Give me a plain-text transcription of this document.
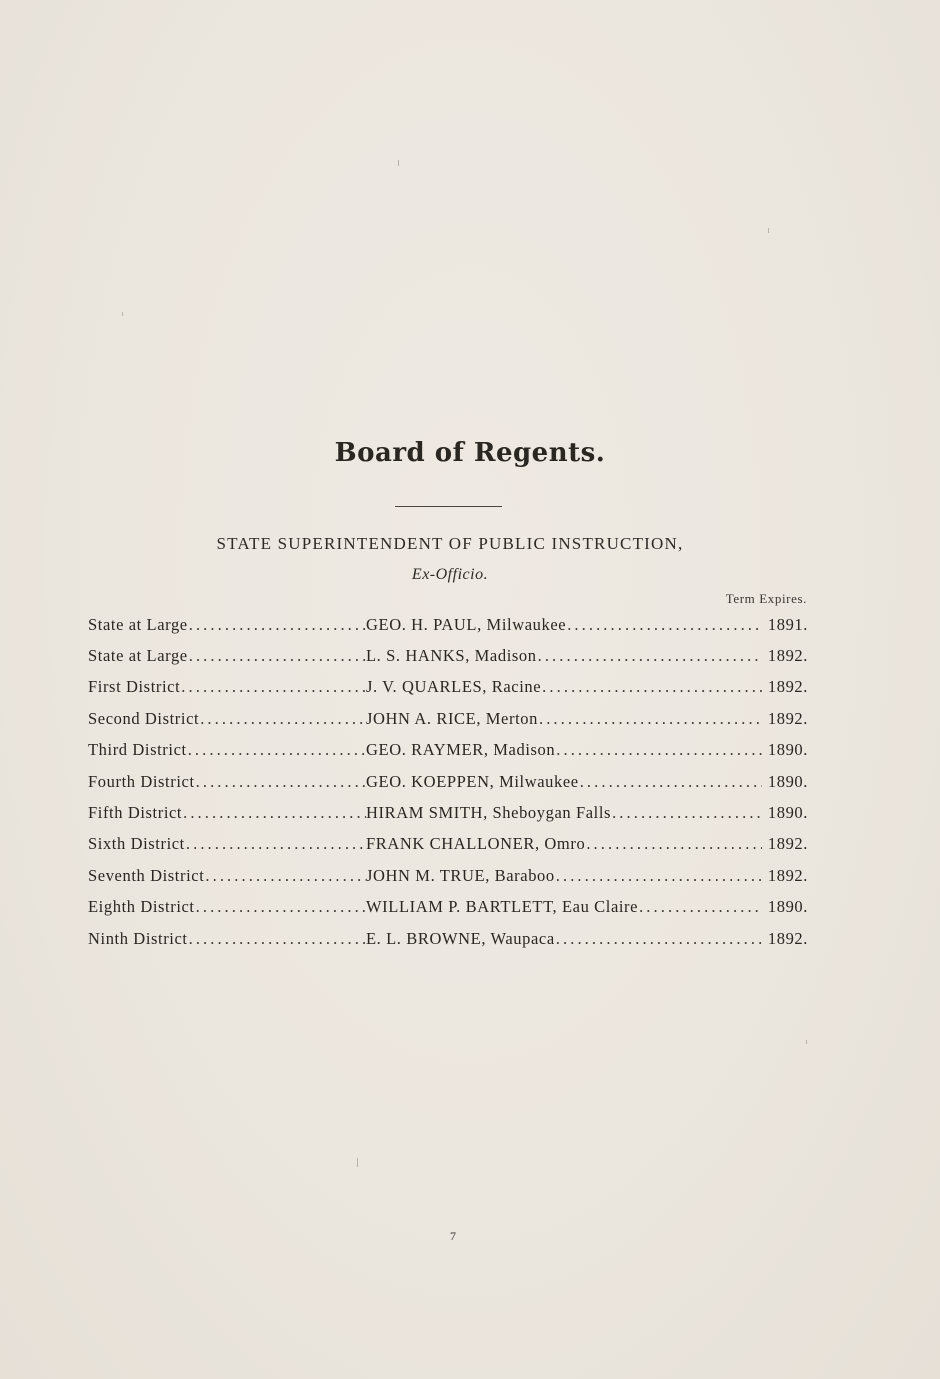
Board of Regents.
STATE SUPERINTENDENT OF PUBLIC INSTRUCTION,
Ex-Officio.
Term Expires.
State at Large .....	GEO. H. PAUL, Milwaukee .....	1891.
State at Large .....	L. S. HANKS, Madison .....	1892.
First District .....	J. V. QUARLES, Racine .....	1892.
Second District .....	JOHN A. RICE, Merton .....	1892.
Third District .....	GEO. RAYMER, Madison .....	1890.
Fourth District .....	GEO. KOEPPEN, Milwaukee .....	1890.
Fifth District .....	HIRAM SMITH, Sheboygan Falls .....	1890.
Sixth District .....	FRANK CHALLONER, Omro .....	1892.
Seventh District .....	JOHN M. TRUE, Baraboo .....	1892.
Eighth District .....	WILLIAM P. BARTLETT, Eau Claire .....	1890.
Ninth District .....	E. L. BROWNE, Waupaca .....	1892.
7
